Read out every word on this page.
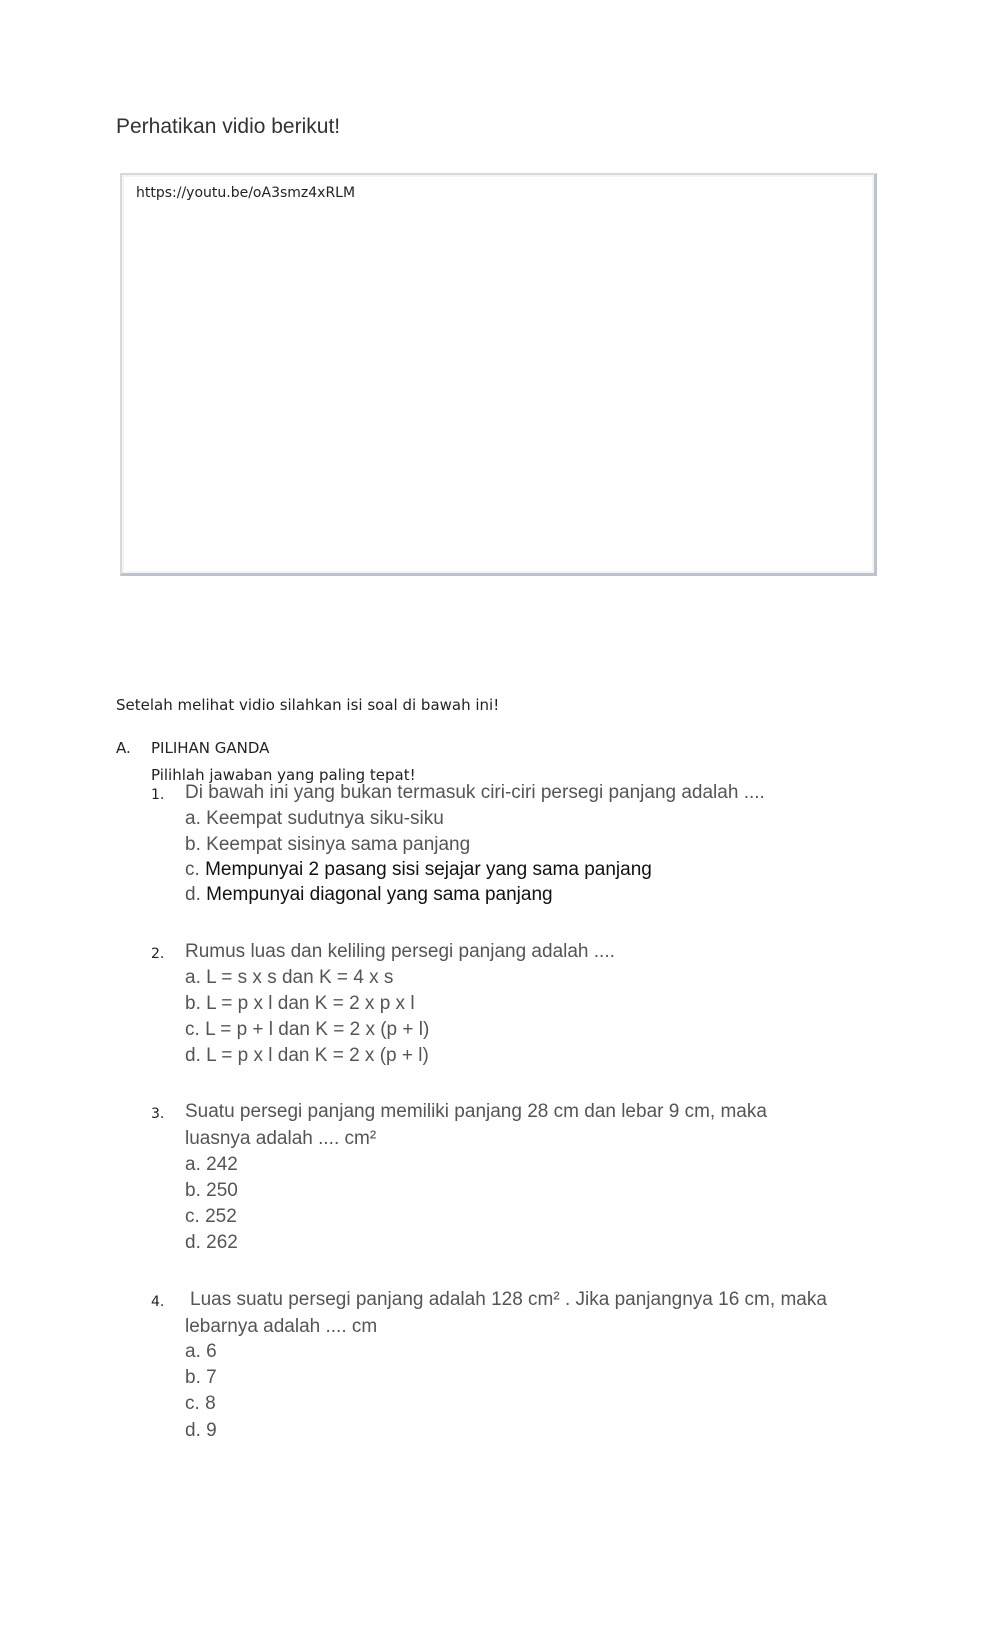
Perhatikan vidio berikut!
https://youtu.be/oA3smz4xRLM
Setelah melihat vidio silahkan isi soal di bawah ini!
A. PILIHAN GANDA
Pilihlah jawaban yang paling tepat!
1. Di bawah ini yang bukan termasuk ciri-ciri persegi panjang adalah ....
a. Keempat sudutnya siku-siku
b. Keempat sisinya sama panjang
c. Mempunyai 2 pasang sisi sejajar yang sama panjang
d. Mempunyai diagonal yang sama panjang
2. Rumus luas dan keliling persegi panjang adalah ....
a. L = s x s dan K = 4 x s
b. L = p x l dan K = 2 x p x l
c. L = p + l dan K = 2 x (p + l)
d. L = p x l dan K = 2 x (p + l)
3. Suatu persegi panjang memiliki panjang 28 cm dan lebar 9 cm, maka luasnya adalah .... cm²
a. 242
b. 250
c. 252
d. 262
4. Luas suatu persegi panjang adalah 128 cm² . Jika panjangnya 16 cm, maka lebarnya adalah .... cm
a. 6
b. 7
c. 8
d. 9
